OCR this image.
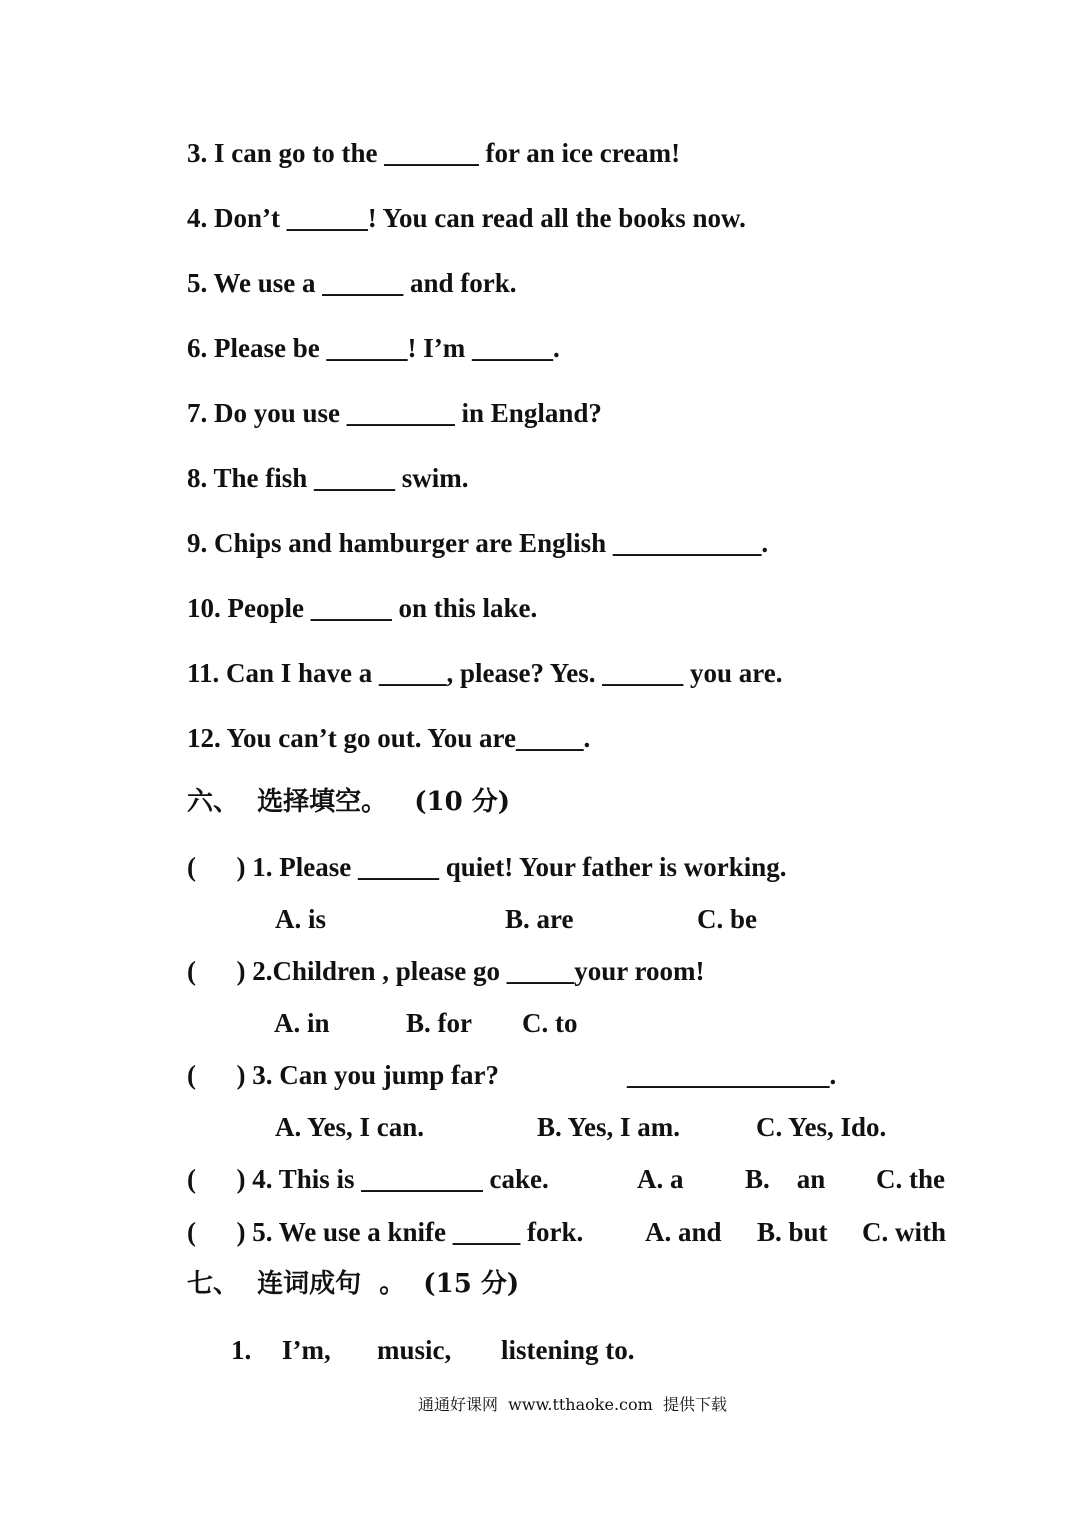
3. I can go to the _______ for an ice cream!
4. Don’t ______! You can read all the books now.
5. We use a ______ and fork.
6. Please be ______! I’m ______.
7. Do you use ________ in England?
8. The fish ______ swim.
9. Chips and hamburger are English ___________.
10. People ______ on this lake.
11. Can I have a _____, please? Yes. ______ you are.
12. You can’t go out. You are_____.
六、  选择填空。   (10 分)
(      ) 1. Please ______ quiet! Your father is working.
A. is	B. are	C. be
(      ) 2.Children , please go _____your room!
A. in	B. for C. to
(      ) 3. Can you jump far?	_______________.
A. Yes, I can.	B. Yes, I am.	C. Yes, Ido.
(      ) 4. This is _________ cake.	A. a B.    an C. the
(      ) 5. We use a knife _____ fork. A. and B. but C. with
七、  连词成句  。  (15 分)
1. I’m, music, listening to.
通通好课网  www.tthaoke.com  提供下载
